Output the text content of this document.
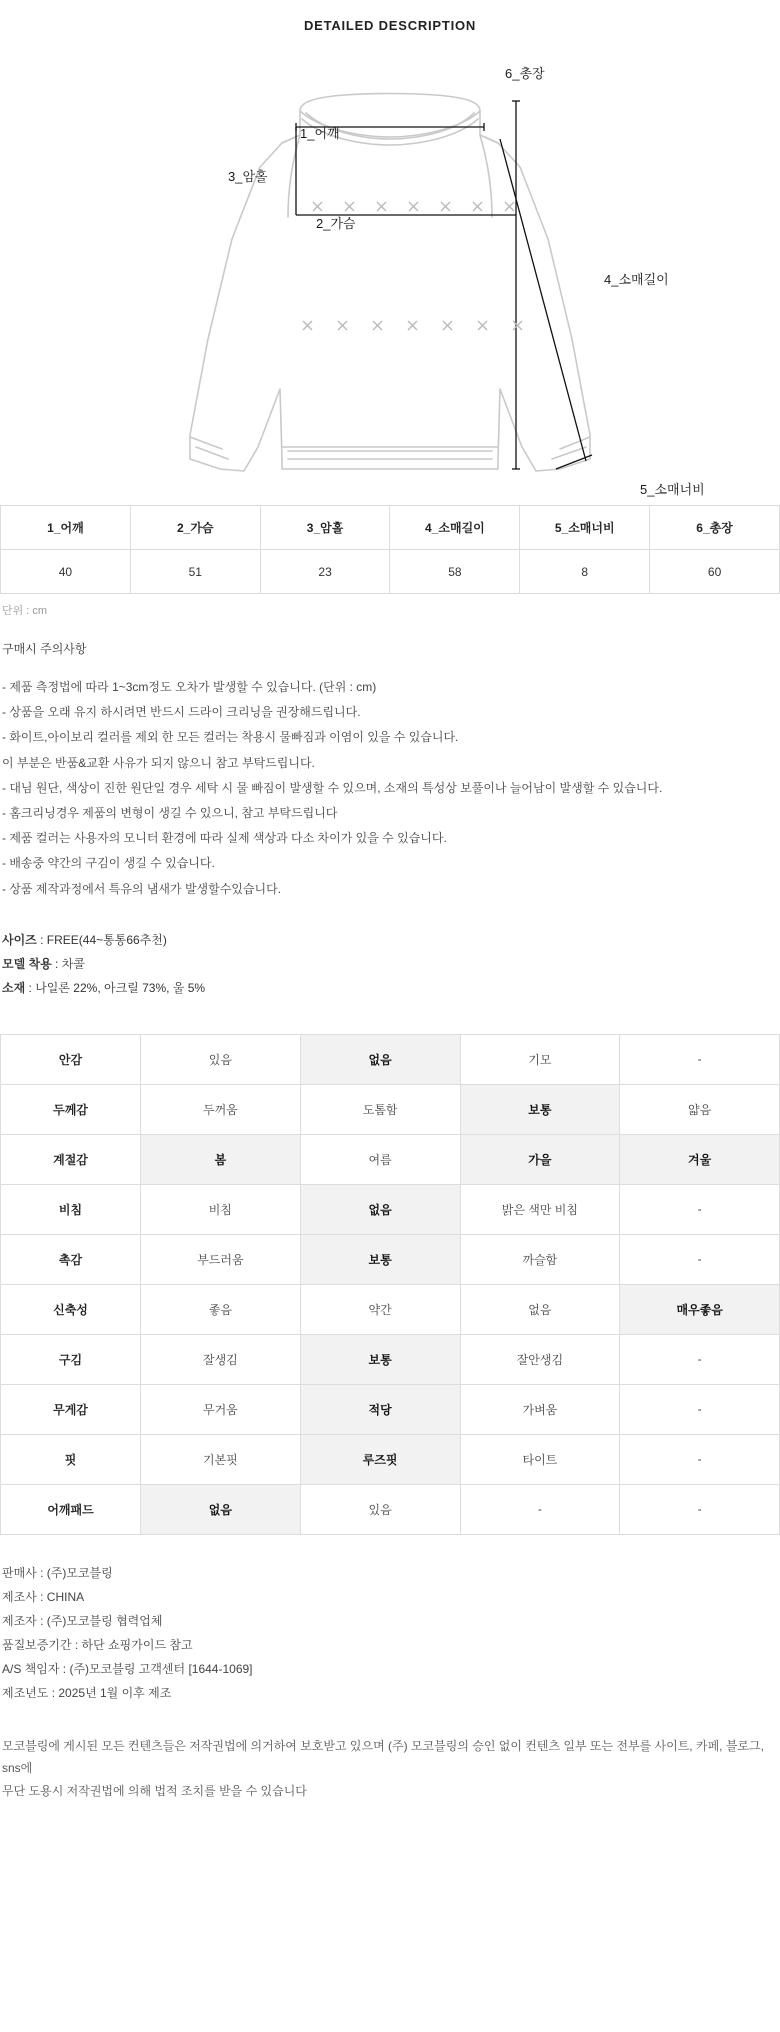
DETAILED DESCRIPTION
1_어깨
3_암홀
2_가슴
6_총장
4_소매길이
5_소매너비
1_어깨	2_가슴	3_암홀	4_소매길이	5_소매너비	6_총장
40	51	23	58	8	60
단위 : cm
구매시 주의사항
- 제품 측정법에 따라 1~3cm정도 오차가 발생할 수 있습니다. (단위 : cm)
- 상품을 오래 유지 하시려면 반드시 드라이 크리닝을 권장해드립니다.
- 화이트,아이보리 컬러를 제외 한 모든 컬러는 착용시 물빠짐과 이염이 있을 수 있습니다.
이 부분은 반품&교환 사유가 되지 않으니 참고 부탁드립니다.
- 대님 원단, 색상이 진한 원단일 경우 세탁 시 물 빠짐이 발생할 수 있으며, 소재의 특성상 보풀이나 늘어남이 발생할 수 있습니다.
- 홈크리닝경우 제품의 변형이 생길 수 있으니, 참고 부탁드립니다
- 제품 컬러는 사용자의 모니터 환경에 따라 실제 색상과 다소 차이가 있을 수 있습니다.
- 배송중 약간의 구김이 생길 수 있습니다.
- 상품 제작과정에서 특유의 냄새가 발생할수있습니다.
사이즈 : FREE(44~통통66추천)
모델 착용 : 차콜
소재 : 나일론 22%, 아크릴 73%, 울 5%
안감	있음	없음	기모	-
두께감	두꺼움	도톰함	보통	얇음
계절감	봄	여름	가을	겨울
비침	비침	없음	밝은 색만 비침	-
촉감	부드러움	보통	까슬함	-
신축성	좋음	약간	없음	매우좋음
구김	잘생김	보통	잘안생김	-
무게감	무거움	적당	가벼움	-
핏	기본핏	루즈핏	타이트	-
어깨패드	없음	있음	-	-
판매사 : (주)모코블링
제조사 : CHINA
제조자 : (주)모코블링 협력업체
품질보증기간 : 하단 쇼핑가이드 참고
A/S 책임자 : (주)모코블링 고객센터 [1644-1069]
제조년도 : 2025년 1월 이후 제조
모코블링에 게시된 모든 컨텐츠들은 저작권법에 의거하여 보호받고 있으며 (주) 모코블링의 승인 없이 컨텐츠 일부 또는 전부를 사이트, 카페, 블로그, sns에
무단 도용시 저작권법에 의해 법적 조치를 받을 수 있습니다
